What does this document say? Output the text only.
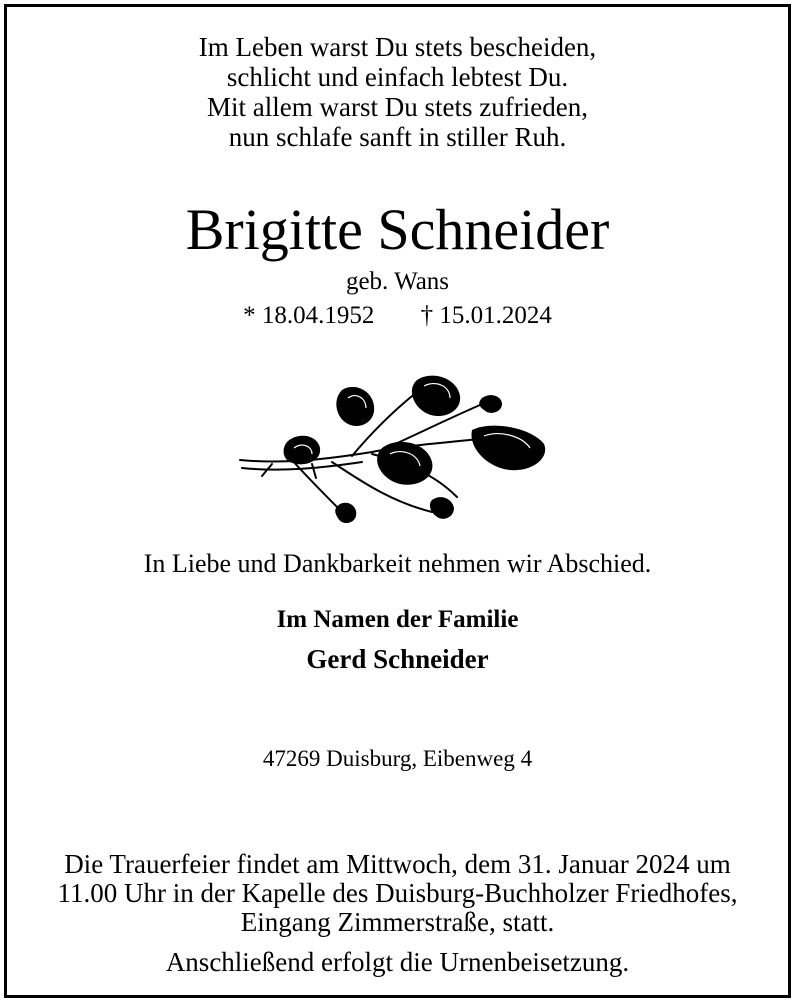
Im Leben warst Du stets bescheiden,
schlicht und einfach lebtest Du.
Mit allem warst Du stets zufrieden,
nun schlafe sanft in stiller Ruh.
Brigitte Schneider
geb. Wans
* 18.04.1952 † 15.01.2024
In Liebe und Dankbarkeit nehmen wir Abschied.
Im Namen der Familie
Gerd Schneider
47269 Duisburg, Eibenweg 4
Die Trauerfeier findet am Mittwoch, dem 31. Januar 2024 um
11.00 Uhr in der Kapelle des Duisburg-Buchholzer Friedhofes,
Eingang Zimmerstraße, statt.
Anschließend erfolgt die Urnenbeisetzung.
